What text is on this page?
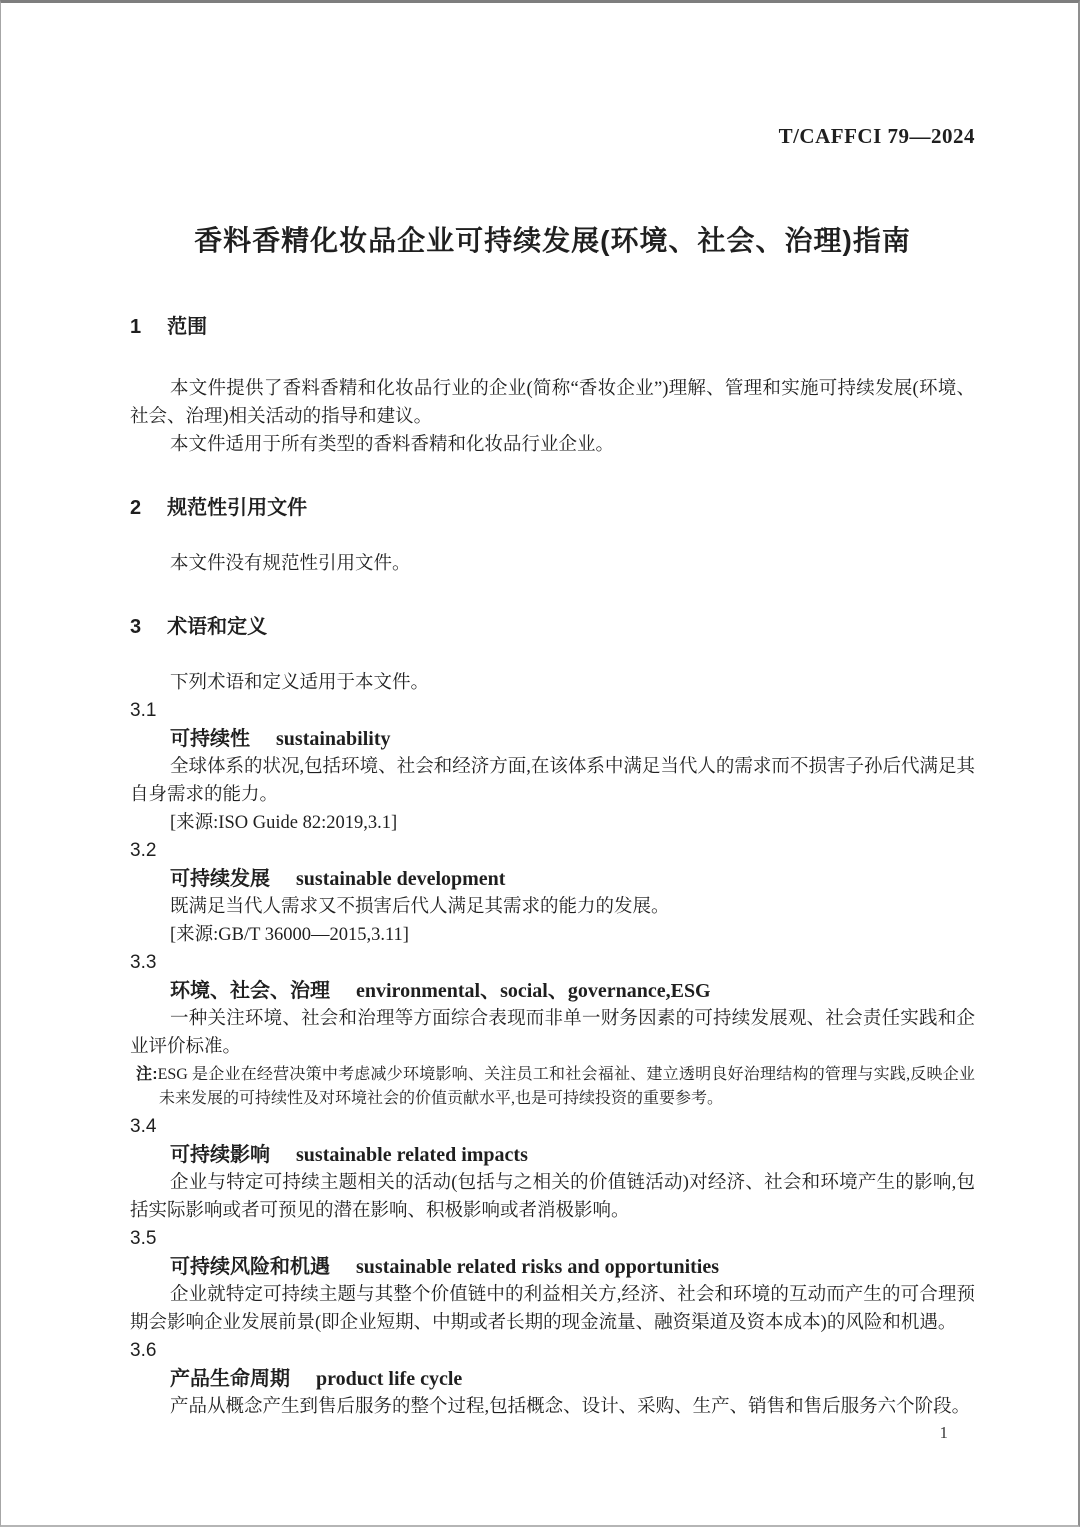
T/CAFFCI 79—2024

香料香精化妆品企业可持续发展(环境、社会、治理)指南
1 范围

本文件提供了香料香精和化妆品行业的企业(简称“香妆企业”)理解、管理和实施可持续发展(环境、社会、治理)相关活动的指导和建议。

本文件适用于所有类型的香料香精和化妆品行业企业。

2 规范性引用文件

本文件没有规范性引用文件。

3 术语和定义

下列术语和定义适用于本文件。

3.1

可持续性 sustainability

全球体系的状况,包括环境、社会和经济方面,在该体系中满足当代人的需求而不损害子孙后代满足其自身需求的能力。

[来源:ISO Guide 82:2019,3.1]

3.2

可持续发展 sustainable development

既满足当代人需求又不损害后代人满足其需求的能力的发展。

[来源:GB/T 36000—2015,3.11]

3.3

环境、社会、治理 environmental、social、governance,ESG

一种关注环境、社会和治理等方面综合表现而非单一财务因素的可持续发展观、社会责任实践和企业评价标准。

注:ESG 是企业在经营决策中考虑减少环境影响、关注员工和社会福祉、建立透明良好治理结构的管理与实践,反映企业未来发展的可持续性及对环境社会的价值贡献水平,也是可持续投资的重要参考。

3.4

可持续影响 sustainable related impacts

企业与特定可持续主题相关的活动(包括与之相关的价值链活动)对经济、社会和环境产生的影响,包括实际影响或者可预见的潜在影响、积极影响或者消极影响。

3.5

可持续风险和机遇 sustainable related risks and opportunities

企业就特定可持续主题与其整个价值链中的利益相关方,经济、社会和环境的互动而产生的可合理预期会影响企业发展前景(即企业短期、中期或者长期的现金流量、融资渠道及资本成本)的风险和机遇。

3.6

产品生命周期 product life cycle

产品从概念产生到售后服务的整个过程,包括概念、设计、采购、生产、销售和售后服务六个阶段。

1
